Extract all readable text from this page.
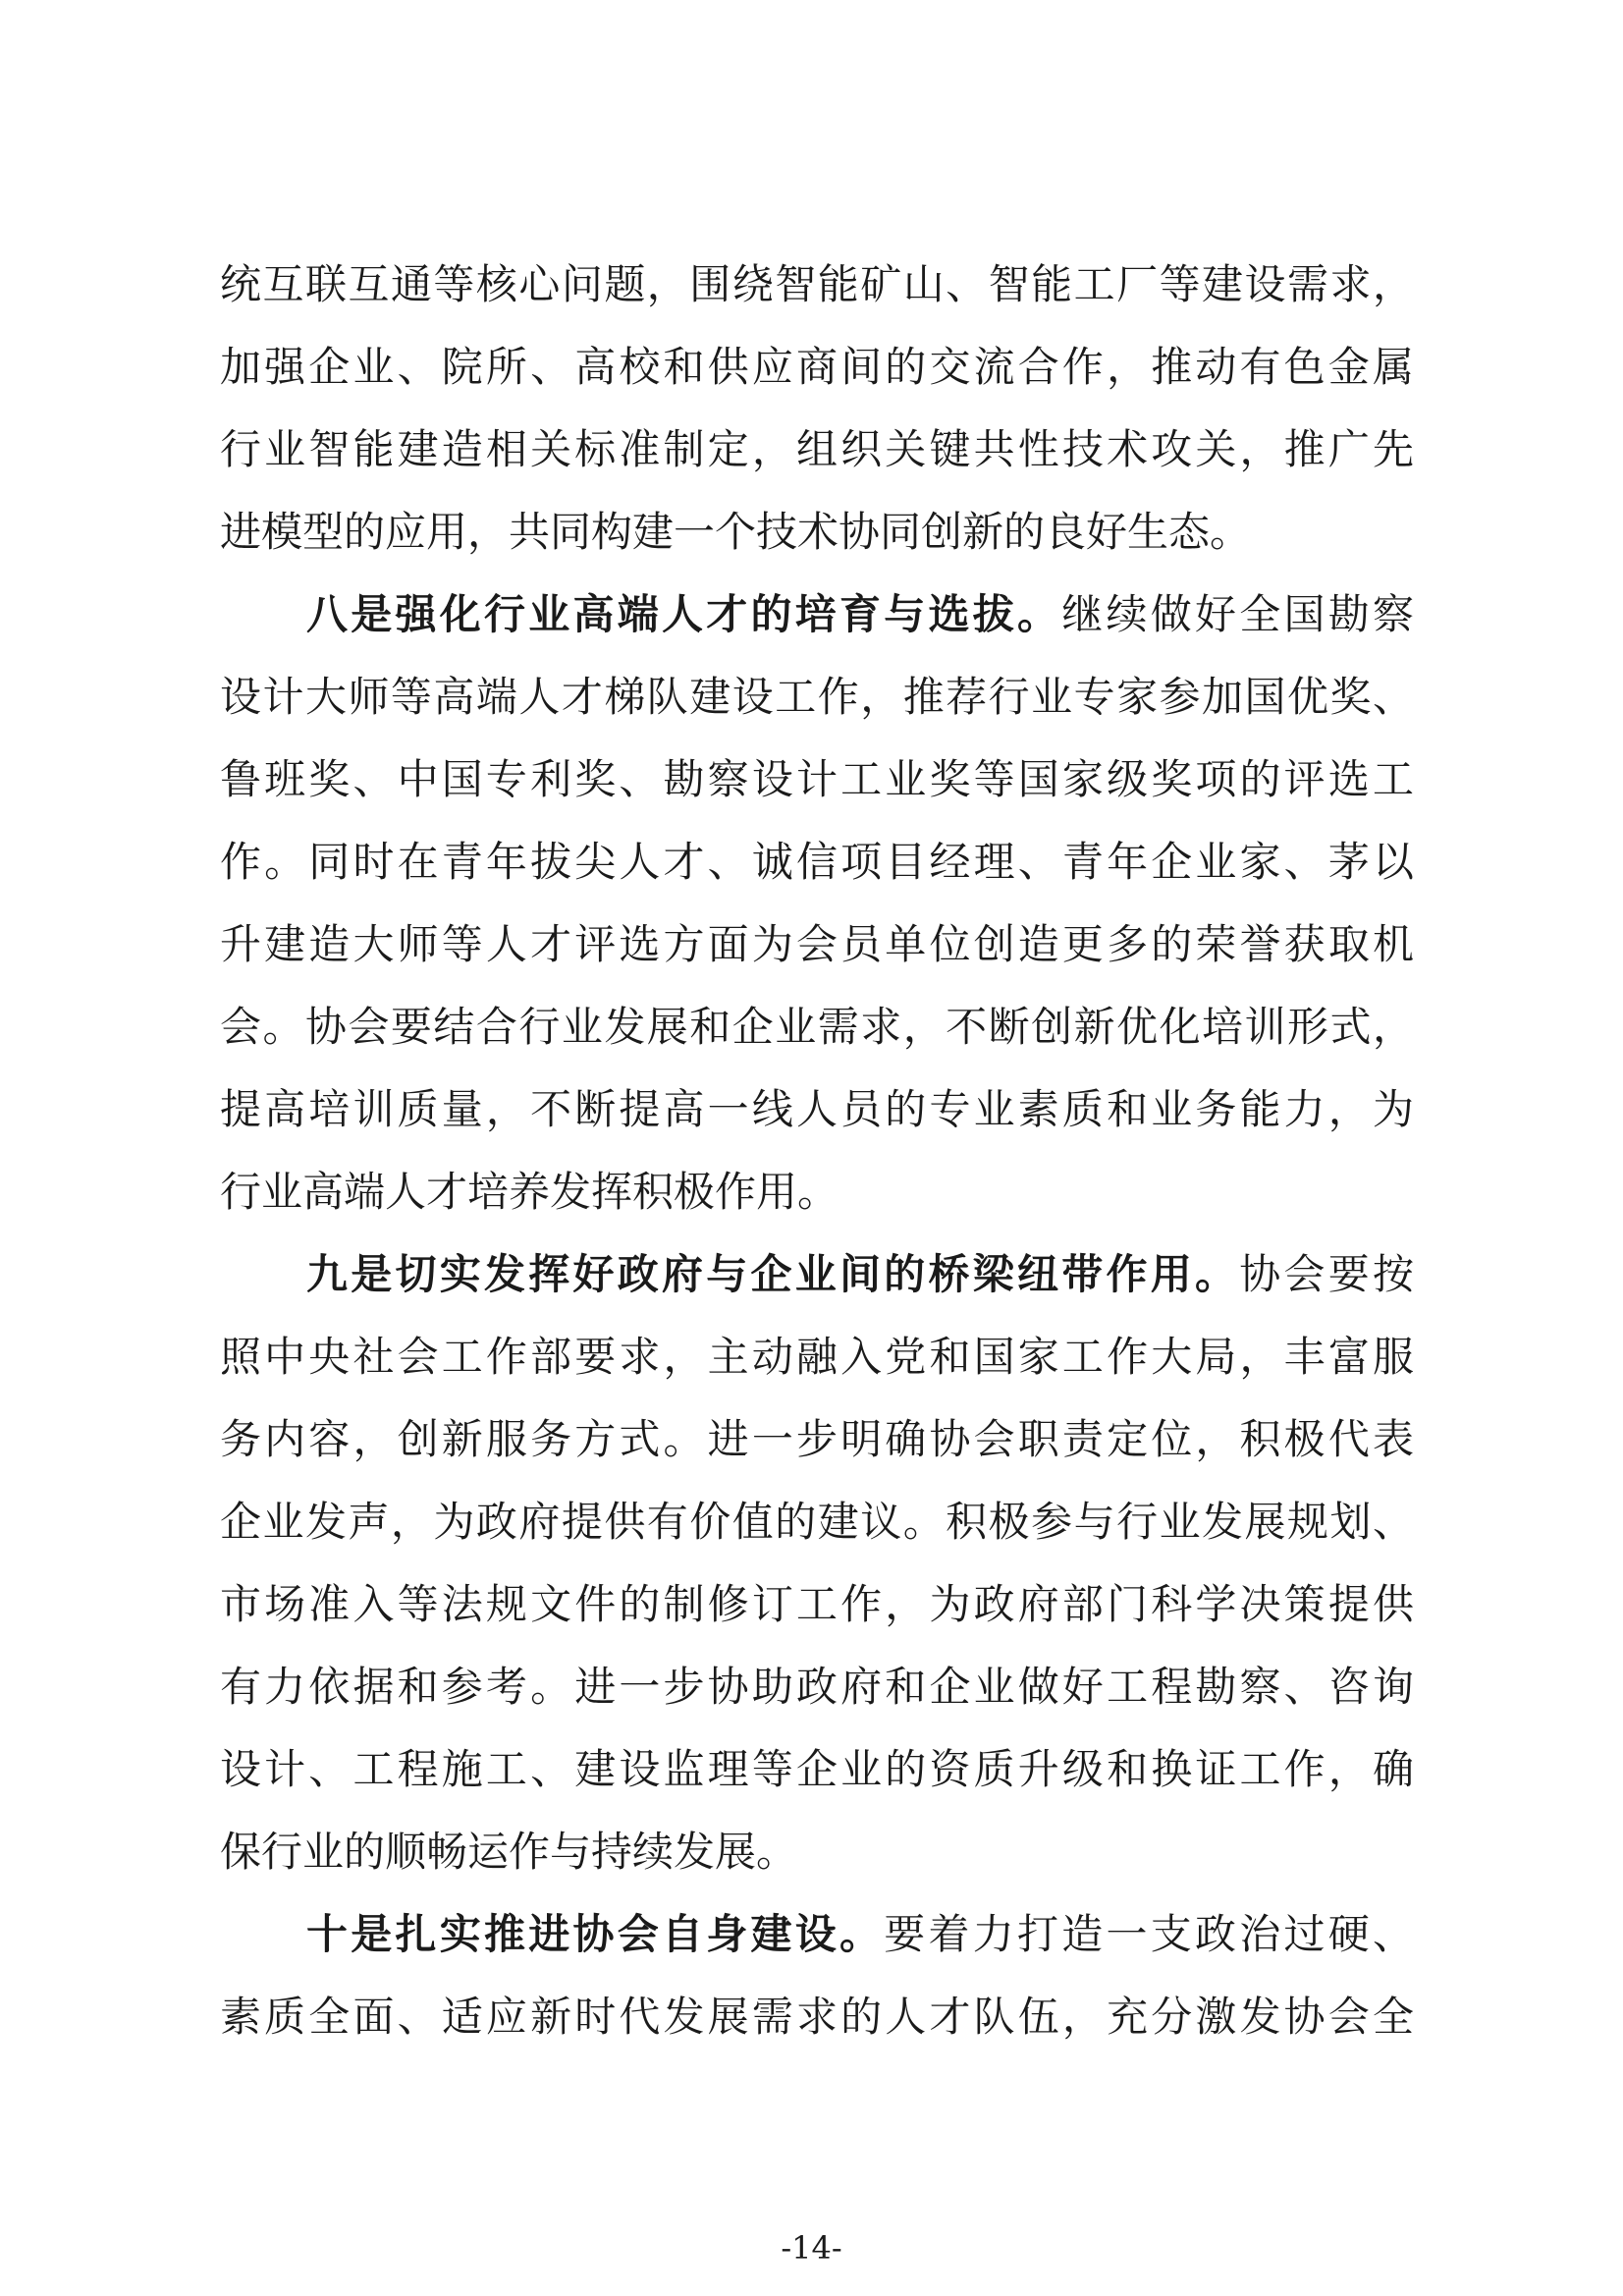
统互联互通等核心问题，围绕智能矿山、智能工厂等建设需求，
加强企业、院所、高校和供应商间的交流合作，推动有色金属
行业智能建造相关标准制定，组织关键共性技术攻关，推广先
进模型的应用，共同构建一个技术协同创新的良好生态。
八是强化行业高端人才的培育与选拔。继续做好全国勘察
设计大师等高端人才梯队建设工作，推荐行业专家参加国优奖、
鲁班奖、中国专利奖、勘察设计工业奖等国家级奖项的评选工
作。同时在青年拔尖人才、诚信项目经理、青年企业家、茅以
升建造大师等人才评选方面为会员单位创造更多的荣誉获取机
会。协会要结合行业发展和企业需求，不断创新优化培训形式，
提高培训质量，不断提高一线人员的专业素质和业务能力，为
行业高端人才培养发挥积极作用。
九是切实发挥好政府与企业间的桥梁纽带作用。协会要按
照中央社会工作部要求，主动融入党和国家工作大局，丰富服
务内容，创新服务方式。进一步明确协会职责定位，积极代表
企业发声，为政府提供有价值的建议。积极参与行业发展规划、
市场准入等法规文件的制修订工作，为政府部门科学决策提供
有力依据和参考。进一步协助政府和企业做好工程勘察、咨询
设计、工程施工、建设监理等企业的资质升级和换证工作，确
保行业的顺畅运作与持续发展。
十是扎实推进协会自身建设。要着力打造一支政治过硬、
素质全面、适应新时代发展需求的人才队伍，充分激发协会全
-14-
